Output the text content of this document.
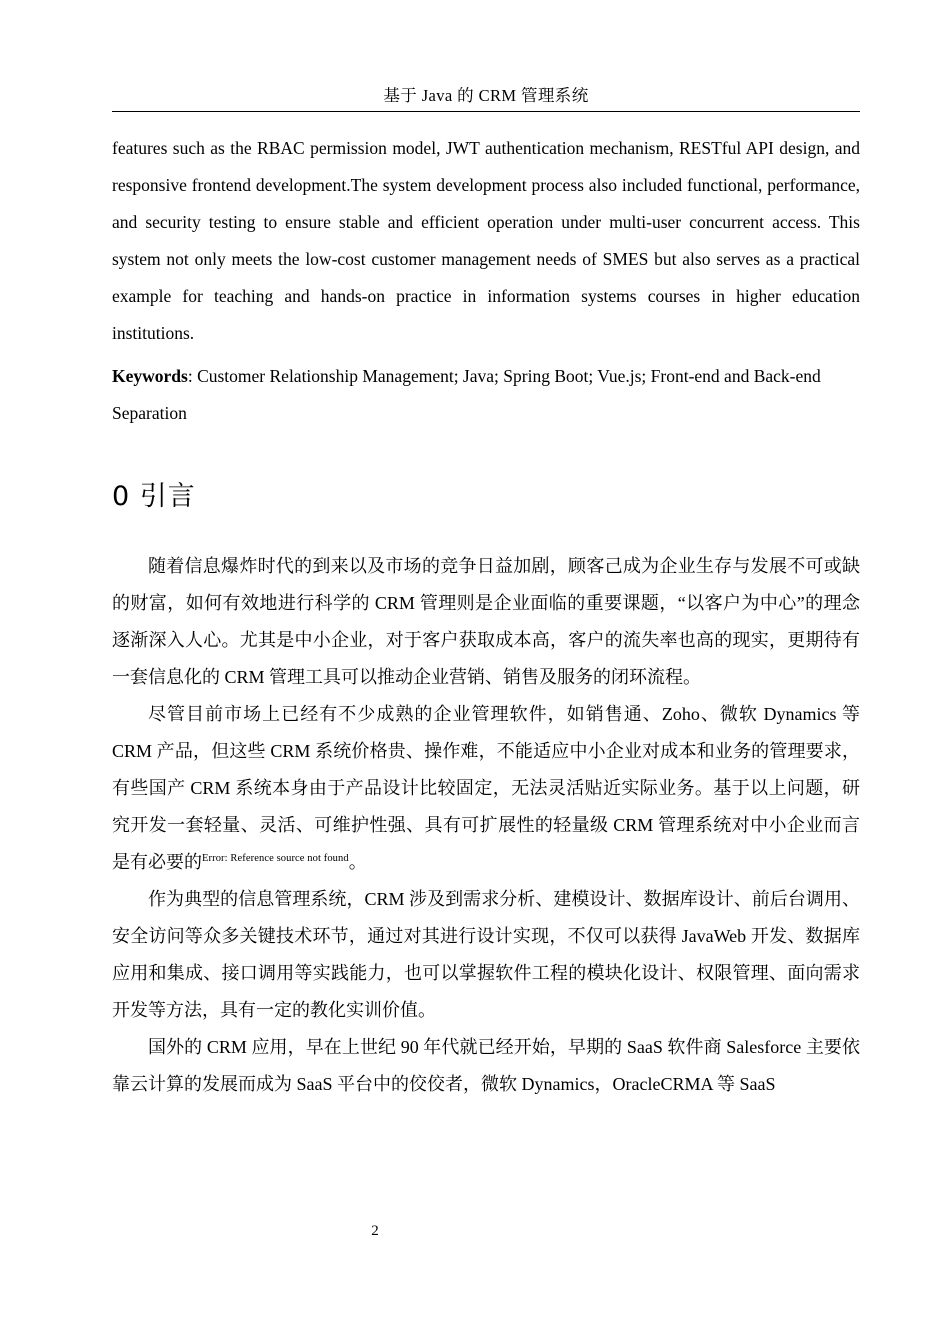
基于 Java 的 CRM 管理系统

features such as the RBAC permission model, JWT authentication mechanism, RESTful API design, and responsive frontend development.The system development process also included functional, performance, and security testing to ensure stable and efficient operation under multi-user concurrent access. This system not only meets the low-cost customer management needs of SMES but also serves as a practical example for teaching and hands-on practice in information systems courses in higher education institutions.

Keywords: Customer Relationship Management; Java; Spring Boot; Vue.js; Front-end and Back-end Separation

0 引言

随着信息爆炸时代的到来以及市场的竞争日益加剧，顾客己成为企业生存与发展不可或缺的财富，如何有效地进行科学的 CRM 管理则是企业面临的重要课题，“以客户为中心”的理念逐渐深入人心。尤其是中小企业，对于客户获取成本高，客户的流失率也高的现实，更期待有一套信息化的 CRM 管理工具可以推动企业营销、销售及服务的闭环流程。

尽管目前市场上已经有不少成熟的企业管理软件，如销售通、Zoho、微软 Dynamics 等 CRM 产品，但这些 CRM 系统价格贵、操作难，不能适应中小企业对成本和业务的管理要求，有些国产 CRM 系统本身由于产品设计比较固定，无法灵活贴近实际业务。基于以上问题，研究开发一套轻量、灵活、可维护性强、具有可扩展性的轻量级 CRM 管理系统对中小企业而言是有必要的$^{Error: Reference source not found}$。

作为典型的信息管理系统，CRM 涉及到需求分析、建模设计、数据库设计、前后台调用、安全访问等众多关键技术环节，通过对其进行设计实现，不仅可以获得 JavaWeb 开发、数据库应用和集成、接口调用等实践能力，也可以掌握软件工程的模块化设计、权限管理、面向需求开发等方法，具有一定的教化实训价值。

国外的 CRM 应用，早在上世纪 90 年代就已经开始，早期的 SaaS 软件商 Salesforce 主要依靠云计算的发展而成为 SaaS 平台中的佼佼者，微软 Dynamics，OracleCRMA 等 SaaS

2
